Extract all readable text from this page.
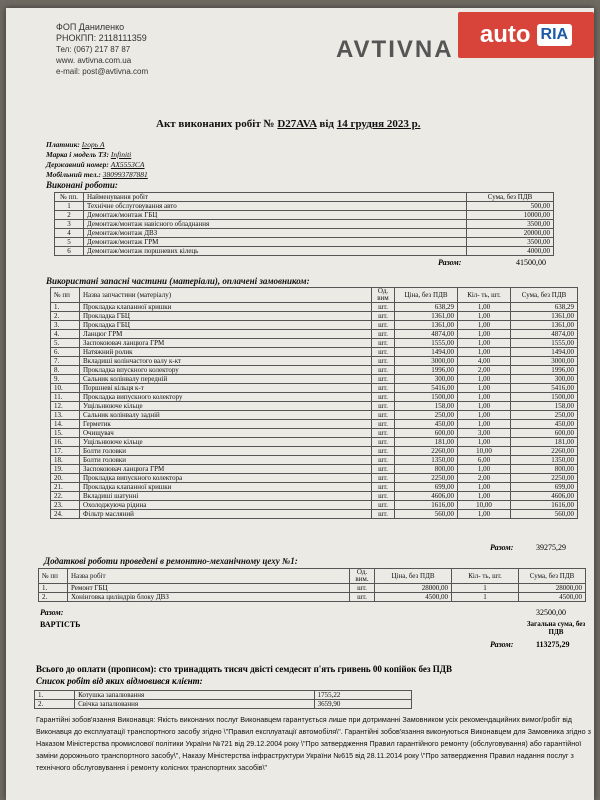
ФОП Даниленко
РНОКПП: 2118111359
Тел: (067) 217 87 87
www. avtivna.com.ua
e-mail: post@avtivna.com
AVTIVNA
auto RIA
Акт виконаних робіт № D27AVA від 14 грудня 2023 р.
Платник: Ігорь А
Марка і модель ТЗ: Infiniti
Державний номер: AX5553CA
Мобільний тел.: 380993787881
Виконані роботи:
№ пп.	Найменування робіт	Сума, без ПДВ
1	Технічне обслуговування авто	500,00
2	Демонтаж/монтаж ГБЦ	10000,00
3	Демонтаж/монтаж навісного обладнання	3500,00
4	Демонтаж/монтаж ДВЗ	20000,00
5	Демонтаж/монтаж ГРМ	3500,00
6	Демонтаж/монтаж поршневих кілець	4000,00
Разом:	41500,00
Використані запасні частини (матеріали), оплачені замовником:
№ пп	Назва запчастини (матеріалу)	Од. вим	Ціна, без ПДВ	Кіл- ть, шт.	Сума, без ПДВ
1.	Прокладка клапанної кришки	шт.	638,29	1,00	638,29
2.	Прокладка ГБЦ	шт.	1361,00	1,00	1361,00
3.	Прокладка ГБЦ	шт.	1361,00	1,00	1361,00
4.	Ланцюг ГРМ	шт.	4874,00	1,00	4874,00
5.	Заспокоювач ланцюга ГРМ	шт.	1555,00	1,00	1555,00
6.	Натяжний ролик	шт.	1494,00	1,00	1494,00
7.	Вкладиші колінчастого валу к-кт	шт.	3000,00	4,00	3000,00
8.	Прокладка впускного колектору	шт.	1996,00	2,00	1996,00
9.	Сальник колінвалу передній	шт.	300,00	1,00	300,00
10.	Поршневі кільця к-т	шт.	5416,00	1,00	5416,00
11.	Прокладка випускного колектору	шт.	1500,00	1,00	1500,00
12.	Ущільнююче кільце	шт.	158,00	1,00	158,00
13.	Сальник колінвалу задній	шт.	250,00	1,00	250,00
14.	Герметик	шт.	450,00	1,00	450,00
15.	Очищувач	шт.	600,00	3,00	600,00
16.	Ущільнююче кільце	шт.	181,00	1,00	181,00
17.	Болти головки	шт.	2260,00	10,00	2260,00
18.	Болти головки	шт.	1350,00	6,00	1350,00
19.	Заспокоювач ланцюга ГРМ	шт.	800,00	1,00	800,00
20.	Прокладка випускного колектора	шт.	2250,00	2,00	2250,00
21.	Прокладка клапанної кришки	шт.	699,00	1,00	699,00
22.	Вкладиші шатунні	шт.	4606,00	1,00	4606,00
23.	Охолоджуюча рідина	шт.	1616,00	10,00	1616,00
24.	Фільтр масляний	шт.	560,00	1,00	560,00
Разом:	39275,29
Додаткові роботи проведені в ремонтно-механічному цеху №1:
№ пп	Назва робіт	Од. вим.	Ціна, без ПДВ	Кіл- ть, шт.	Сума, без ПДВ
1.	Ремонт ГБЦ	шт.	28000,00	1	28000,00
2.	Хонінговка циліндрів блоку ДВЗ	шт.	4500,00	1	4500,00
Разом:	32500,00
ВАРТІСТЬ	Загальна сума, без ПДВ
Разом:	113275,29
Всього до оплати (прописом): сто тринадцять тисяч двісті семдесят п'ять гривень 00 копійок без ПДВ
Список робіт від яких відмовився клієнт:
1.	Котушка запалювання	1755,22
2.	Свічка запалювання	3659,90
Гарантійні зобов'язання Виконавця: Якість виконаних послуг Виконавцем гарантується лише при дотриманні Замовником усіх рекомендацийних вимог/робіт від Виконавця до експлуатації транспортного засобу згідно \"Правил експлуатації автомобіля\". Гарантійні зобов'язання виконуються Виконавцем для Замовника згідно з Наказом Міністерства промислової політики України №721 від 29.12.2004 року \"Про затвердження Правил гарантійного ремонту (обслуговування) або гарантійної заміни дорожнього транспортного засобу\", Наказу Міністерства інфраструктури України №615 від 28.11.2014 року \"Про затвердження Правил надання послуг з технічного обслуговування і ремонту колісних транспортних засобів\"
